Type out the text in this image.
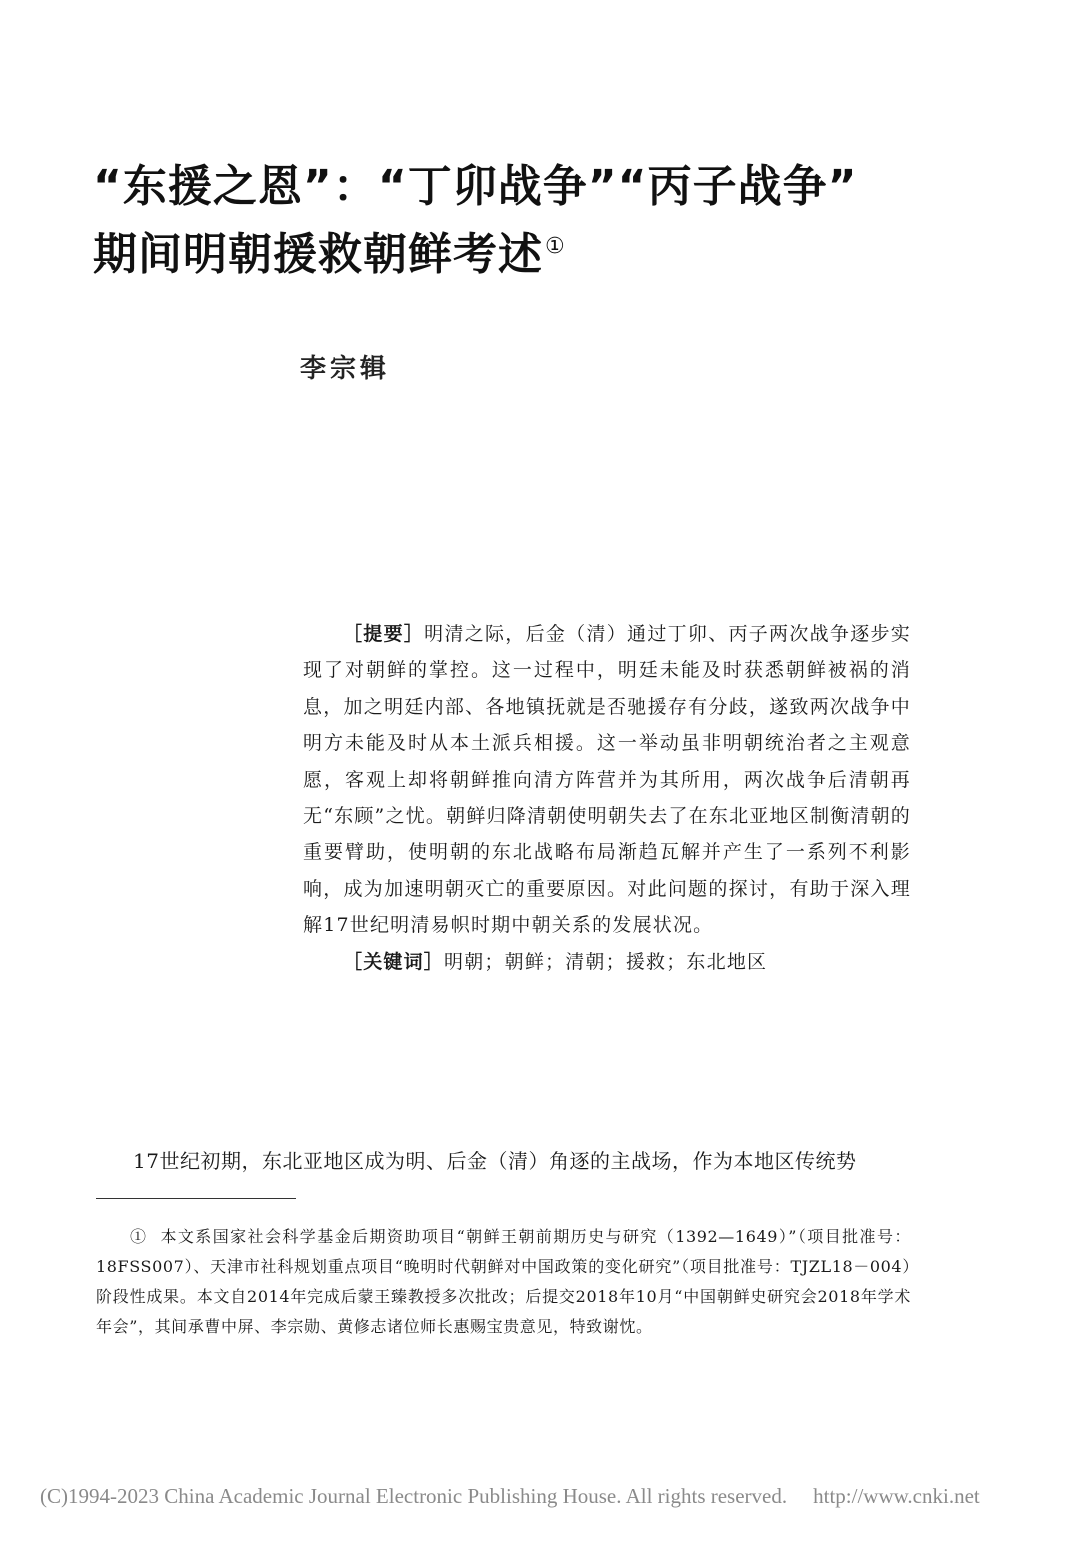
“东援之恩”：“丁卯战争”“丙子战争”
期间明朝援救朝鲜考述①
李宗辑

［提要］明清之际，后金（清）通过丁卯、丙子两次战争逐步实现了对朝鲜的掌控。这一过程中，明廷未能及时获悉朝鲜被祸的消息，加之明廷内部、各地镇抚就是否驰援存有分歧，遂致两次战争中明方未能及时从本土派兵相援。这一举动虽非明朝统治者之主观意愿，客观上却将朝鲜推向清方阵营并为其所用，两次战争后清朝再无“东顾”之忧。朝鲜归降清朝使明朝失去了在东北亚地区制衡清朝的重要臂助，使明朝的东北战略布局渐趋瓦解并产生了一系列不利影响，成为加速明朝灭亡的重要原因。对此问题的探讨，有助于深入理解17世纪明清易帜时期中朝关系的发展状况。

［关键词］明朝；朝鲜；清朝；援救；东北地区

17世纪初期，东北亚地区成为明、后金（清）角逐的主战场，作为本地区传统势

① 本文系国家社会科学基金后期资助项目“朝鲜王朝前期历史与研究（1392—1649）”（项目批准号：18FSS007）、天津市社科规划重点项目“晚明时代朝鲜对中国政策的变化研究”（项目批准号：TJZL18－004）阶段性成果。本文自2014年完成后蒙王臻教授多次批改；后提交2018年10月“中国朝鲜史研究会2018年学术年会”，其间承曹中屏、李宗勋、黄修志诸位师长惠赐宝贵意见，特致谢忱。

(C)1994-2023 China Academic Journal Electronic Publishing House. All rights reserved. http://www.cnki.net
